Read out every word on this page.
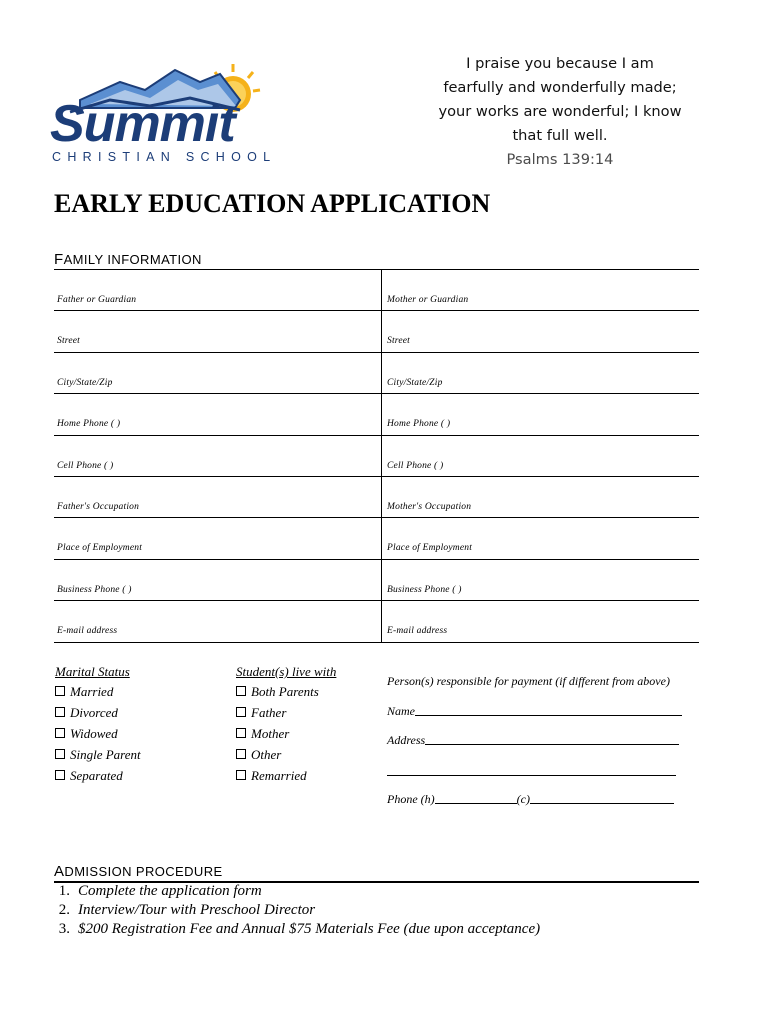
Summit
CHRISTIAN SCHOOL
I praise you because I am
fearfully and wonderfully made;
your works are wonderful; I know
that full well.
Psalms 139:14
EARLY EDUCATION APPLICATION
FAMILY INFORMATION
Father or Guardian	Mother or Guardian
Street	Street
City/State/Zip	City/State/Zip
Home Phone ( )	Home Phone ( )
Cell Phone ( )	Cell Phone ( )
Father's Occupation	Mother's Occupation
Place of Employment	Place of Employment
Business Phone ( )	Business Phone ( )
E-mail address	E-mail address
Marital Status
Married
Divorced
Widowed
Single Parent
Separated
Student(s) live with
Both Parents
Father
Mother
Other
Remarried
Person(s) responsible for payment (if different from above)
Name
Address
Phone (h)	(c)
ADMISSION PROCEDURE
1. Complete the application form
2. Interview/Tour with Preschool Director
3. $200 Registration Fee and Annual $75 Materials Fee (due upon acceptance)
